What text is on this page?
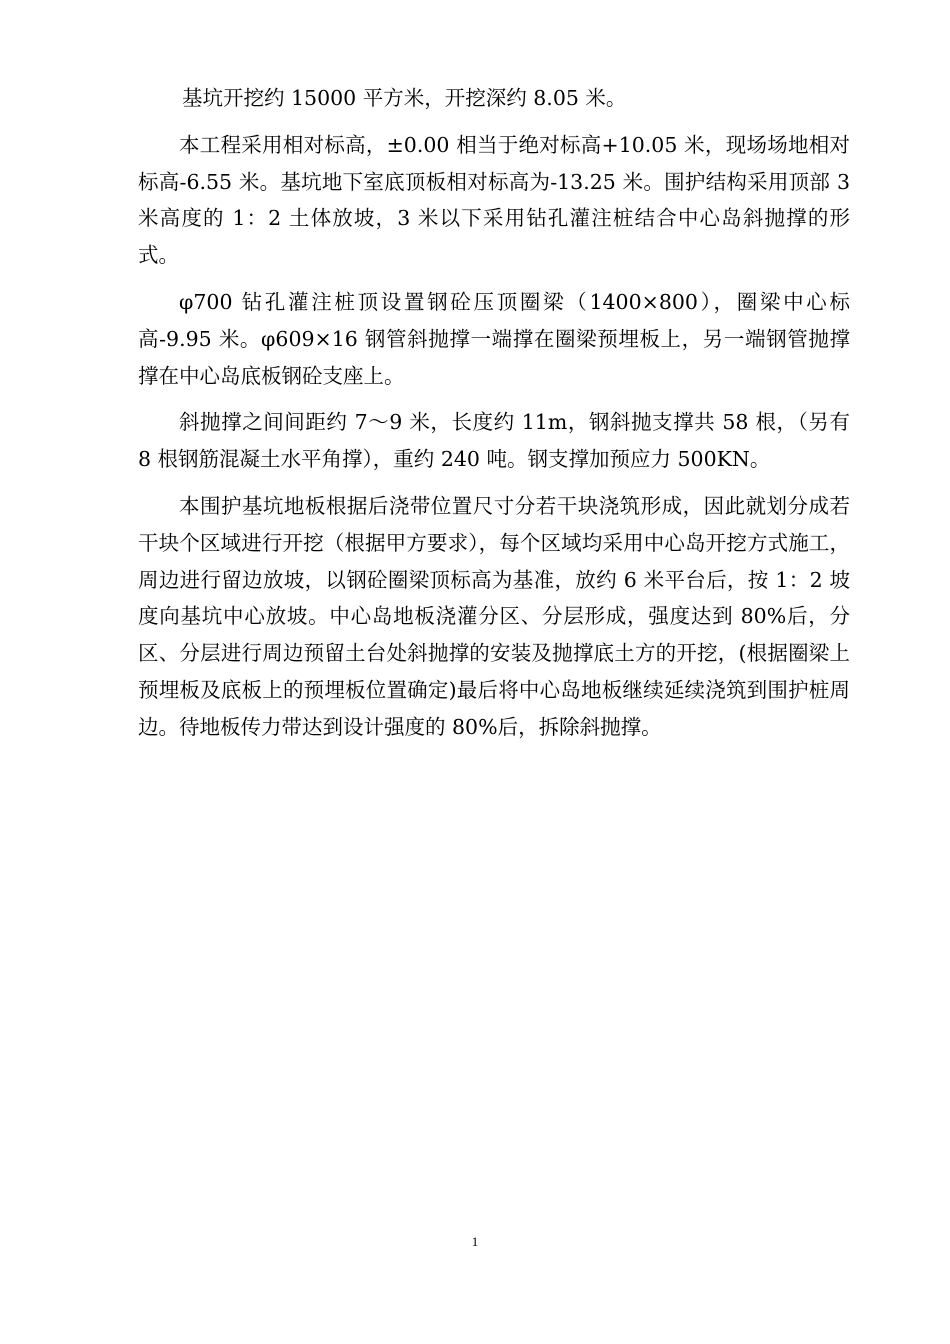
基坑开挖约 15000 平方米，开挖深约 8.05 米。

本工程采用相对标高，±0.00 相当于绝对标高+10.05 米，现场场地相对标高-6.55 米。基坑地下室底顶板相对标高为-13.25 米。围护结构采用顶部 3 米高度的 1：2 土体放坡，3 米以下采用钻孔灌注桩结合中心岛斜抛撑的形式。

φ700 钻孔灌注桩顶设置钢砼压顶圈梁（1400×800），圈梁中心标高-9.95 米。φ609×16 钢管斜抛撑一端撑在圈梁预埋板上，另一端钢管抛撑撑在中心岛底板钢砼支座上。

斜抛撑之间间距约 7～9 米，长度约 11m，钢斜抛支撑共 58 根，（另有 8 根钢筋混凝土水平角撑），重约 240 吨。钢支撑加预应力 500KN。

本围护基坑地板根据后浇带位置尺寸分若干块浇筑形成，因此就划分成若干块个区域进行开挖（根据甲方要求），每个区域均采用中心岛开挖方式施工，周边进行留边放坡，以钢砼圈梁顶标高为基准，放约 6 米平台后，按 1：2 坡度向基坑中心放坡。中心岛地板浇灌分区、分层形成，强度达到 80%后，分区、分层进行周边预留土台处斜抛撑的安装及抛撑底土方的开挖，(根据圈梁上预埋板及底板上的预埋板位置确定)最后将中心岛地板继续延续浇筑到围护桩周边。待地板传力带达到设计强度的 80%后，拆除斜抛撑。

1
